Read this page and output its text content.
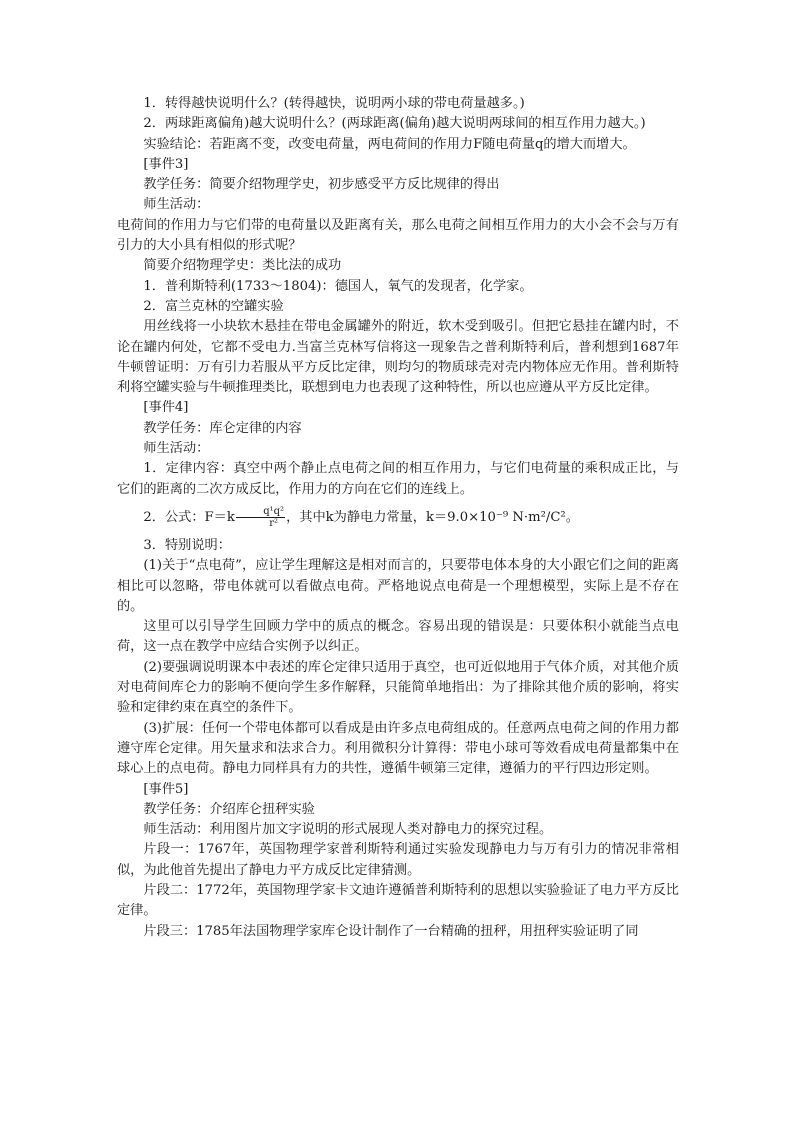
1．转得越快说明什么？(转得越快，说明两小球的带电荷量越多。)

2．两球距离偏角)越大说明什么？(两球距离(偏角)越大说明两球间的相互作用力越大。)

实验结论：若距离不变，改变电荷量，两电荷间的作用力F随电荷量q的增大而增大。

[事件3]

教学任务：简要介绍物理学史，初步感受平方反比规律的得出

师生活动：

电荷间的作用力与它们带的电荷量以及距离有关，那么电荷之间相互作用力的大小会不会与万有引力的大小具有相似的形式呢？

简要介绍物理学史：类比法的成功

1．普利斯特利(1733～1804)：德国人，氧气的发现者，化学家。

2．富兰克林的空罐实验

用丝线将一小块软木悬挂在带电金属罐外的附近，软木受到吸引。但把它悬挂在罐内时，不论在罐内何处，它都不受电力.当富兰克林写信将这一现象告之普利斯特利后，普利想到1687年牛顿曾证明：万有引力若服从平方反比定律，则均匀的物质球壳对壳内物体应无作用。普利斯特利将空罐实验与牛顿推理类比，联想到电力也表现了这种特性，所以也应遵从平方反比定律。

[事件4]

教学任务：库仑定律的内容

师生活动：

1．定律内容：真空中两个静止点电荷之间的相互作用力，与它们电荷量的乘积成正比，与它们的距离的二次方成反比，作用力的方向在它们的连线上。

2．公式：$F=k \frac{\text{q¹q²}}{\text{r²}}$ ，其中k为静电力常量，k＝9.0×10⁻⁹ N·m²/C²。

3．特别说明：

(1)关于“点电荷”，应让学生理解这是相对而言的，只要带电体本身的大小跟它们之间的距离相比可以忽略，带电体就可以看做点电荷。严格地说点电荷是一个理想模型，实际上是不存在的。

这里可以引导学生回顾力学中的质点的概念。容易出现的错误是：只要体积小就能当点电荷，这一点在教学中应结合实例予以纠正。

(2)要强调说明课本中表述的库仑定律只适用于真空，也可近似地用于气体介质，对其他介质对电荷间库仑力的影响不便向学生多作解释，只能简单地指出：为了排除其他介质的影响，将实验和定律约束在真空的条件下。

(3)扩展：任何一个带电体都可以看成是由许多点电荷组成的。任意两点电荷之间的作用力都遵守库仑定律。用矢量求和法求合力。利用微积分计算得：带电小球可等效看成电荷量都集中在球心上的点电荷。静电力同样具有力的共性，遵循牛顿第三定律，遵循力的平行四边形定则。

[事件5]

教学任务：介绍库仑扭秤实验

师生活动：利用图片加文字说明的形式展现人类对静电力的探究过程。

片段一：1767年，英国物理学家普利斯特利通过实验发现静电力与万有引力的情况非常相似，为此他首先提出了静电力平方成反比定律猜测。

片段二：1772年，英国物理学家卡文迪许遵循普利斯特利的思想以实验验证了电力平方反比定律。

片段三：1785年法国物理学家库仑设计制作了一台精确的扭秤，用扭秤实验证明了同
